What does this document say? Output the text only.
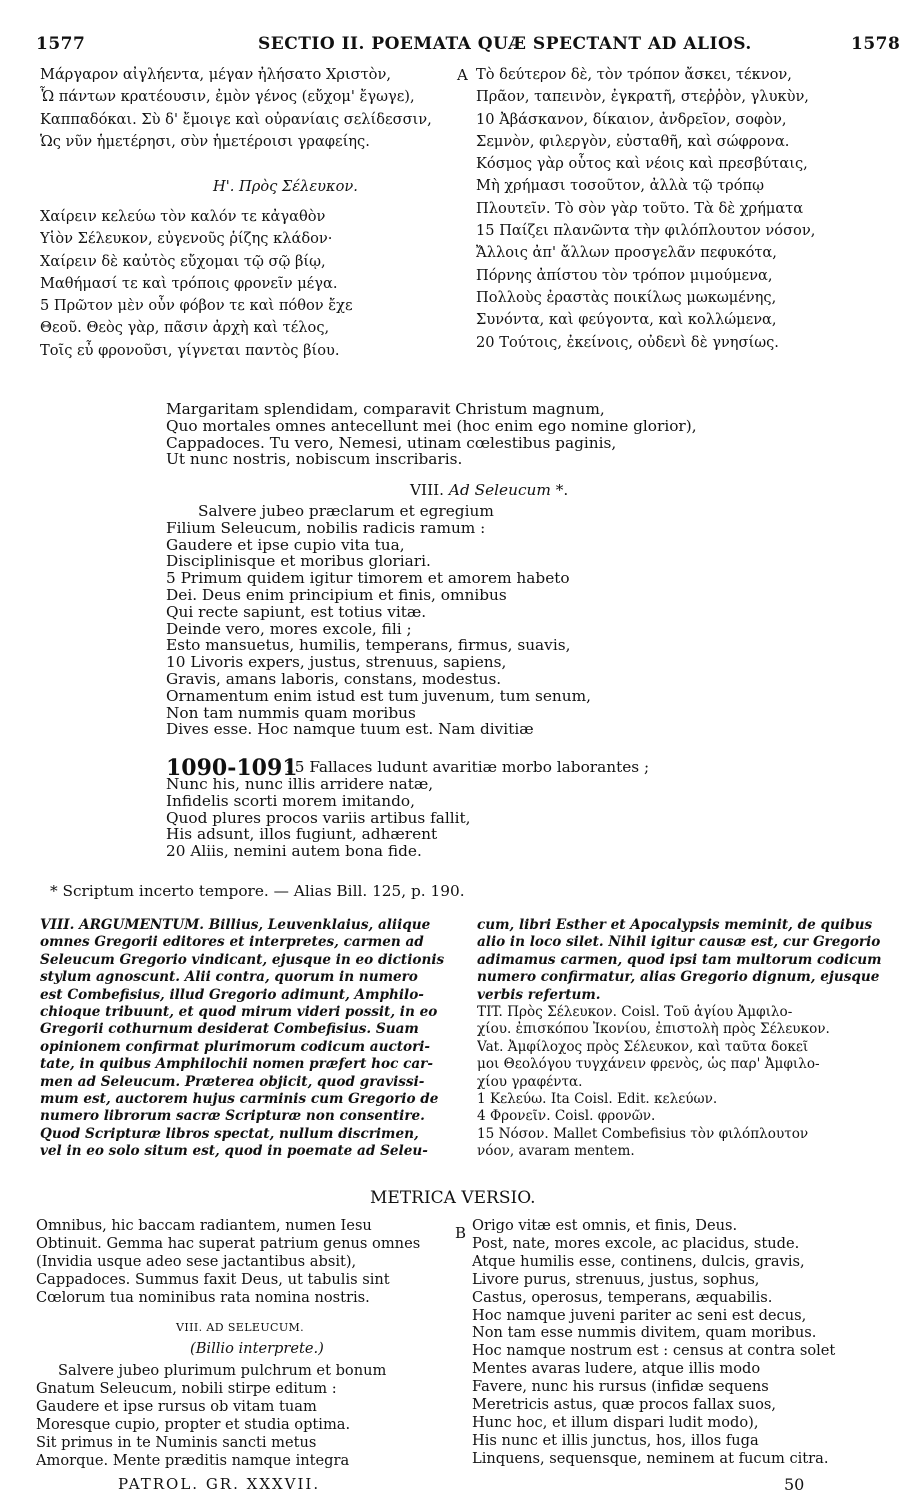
1577	SECTIO II. POEMATA QUÆ SPECTANT AD ALIOS.	1578
Μάργαρον αἰγλήεντα, μέγαν ἠλήσατο Χριστὸν,
Ὧ πάντων κρατέουσιν, ἐμὸν γένος (εὔχομ' ἔγωγε),
Καππαδόκαι. Σὺ δ' ἔμοιγε καὶ οὐρανίαις σελίδεσσιν,
Ὡς νῦν ἡμετέρησι, σὺν ἡμετέροισι γραφείης.
Η'. Πρὸς Σέλευκον.
Χαίρειν κελεύω τὸν καλόν τε κἀγαθὸν
Υἱὸν Σέλευκον, εὐγενοῦς ῥίζης κλάδον·
Χαίρειν δὲ καὐτὸς εὔχομαι τῷ σῷ βίῳ,
Μαθήμασί τε καὶ τρόποις φρονεῖν μέγα.
5 Πρῶτον μὲν οὖν φόβον τε καὶ πόθον ἔχε
Θεοῦ. Θεὸς γὰρ, πᾶσιν ἀρχὴ καὶ τέλος,
Τοῖς εὖ φρονοῦσι, γίγνεται παντὸς βίου.
A Τὸ δεύτερον δὲ, τὸν τρόπον ἄσκει, τέκνον,
Πρᾶον, ταπεινὸν, ἐγκρατῆ, στεῤῥὸν, γλυκὺν,
10 Ἀβάσκανον, δίκαιον, ἀνδρεῖον, σοφὸν,
Σεμνὸν, φιλεργὸν, εὐσταθῆ, καὶ σώφρονα.
Κόσμος γὰρ οὗτος καὶ νέοις καὶ πρεσβύταις,
Μὴ χρήμασι τοσοῦτον, ἀλλὰ τῷ τρόπῳ
Πλουτεῖν. Τὸ σὸν γὰρ τοῦτο. Τὰ δὲ χρήματα
15 Παίζει πλανῶντα τὴν φιλόπλουτον νόσον,
Ἄλλοις ἀπ' ἄλλων προσγελᾶν πεφυκότα,
Πόρνης ἀπίστου τὸν τρόπον μιμούμενα,
Πολλοὺς ἐραστὰς ποικίλως μωκωμένης,
Συνόντα, καὶ φεύγοντα, καὶ κολλώμενα,
20 Τούτοις, ἐκείνοις, οὐδενὶ δὲ γνησίως.
Margaritam splendidam, comparavit Christum magnum,
Quo mortales omnes antecellunt mei (hoc enim ego nomine glorior),
Cappadoces. Tu vero, Nemesi, utinam cœlestibus paginis,
Ut nunc nostris, nobiscum inscribaris.
VIII. Ad Seleucum *.
Salvere jubeo præclarum et egregium
Filium Seleucum, nobilis radicis ramum :
Gaudere et ipse cupio vita tua,
Disciplinisque et moribus gloriari.
5 Primum quidem igitur timorem et amorem habeto
Dei. Deus enim principium et finis, omnibus
Qui recte sapiunt, est totius vitæ.
Deinde vero, mores excole, fili ;
Esto mansuetus, humilis, temperans, firmus, suavis,
10 Livoris expers, justus, strenuus, sapiens,
Gravis, amans laboris, constans, modestus.
Ornamentum enim istud est tum juvenum, tum senum,
Non tam nummis quam moribus
Dives esse. Hoc namque tuum est. Nam divitiæ
1090-1091
15 Fallaces ludunt avaritiæ morbo laborantes ;
Nunc his, nunc illis arridere natæ,
Infidelis scorti morem imitando,
Quod plures procos variis artibus fallit,
His adsunt, illos fugiunt, adhærent
20 Aliis, nemini autem bona fide.
* Scriptum incerto tempore. — Alias Bill. 125, p. 190.
VIII. ARGUMENTUM. Billius, Leuvenklaius, aliique
omnes Gregorii editores et interpretes, carmen ad
Seleucum Gregorio vindicant, ejusque in eo dictionis
stylum agnoscunt. Alii contra, quorum in numero
est Combefisius, illud Gregorio adimunt, Amphilo-
chioque tribuunt, et quod mirum videri possit, in eo
Gregorii cothurnum desiderat Combefisius. Suam
opinionem confirmat plurimorum codicum auctori-
tate, in quibus Amphilochii nomen præfert hoc car-
men ad Seleucum. Præterea objicit, quod gravissi-
mum est, auctorem hujus carminis cum Gregorio de
numero librorum sacræ Scripturæ non consentire.
Quod Scripturæ libros spectat, nullum discrimen,
vel in eo solo situm est, quod in poemate ad Seleu-
cum, libri Esther et Apocalypsis meminit, de quibus
alio in loco silet. Nihil igitur causæ est, cur Gregorio
adimamus carmen, quod ipsi tam multorum codicum
numero confirmatur, alias Gregorio dignum, ejusque
verbis refertum.
TIT. Πρὸς Σέλευκον. Coisl. Τοῦ ἁγίου Ἀμφιλο-
χίου. ἐπισκόπου Ἰκονίου, ἐπιστολὴ πρὸς Σέλευκον.
Vat. Ἀμφίλοχος πρὸς Σέλευκον, καὶ ταῦτα δοκεῖ
μοι Θεολόγου τυγχάνειν φρενὸς, ὡς παρ' Ἀμφιλο-
χίου γραφέντα.
1 Κελεύω. Ita Coisl. Edit. κελεύων.
4 Φρονεῖν. Coisl. φρονῶν.
15 Νόσον. Mallet Combefisius τὸν φιλόπλουτον
νόον, avaram mentem.
METRICA VERSIO.
Omnibus, hic baccam radiantem, numen Iesu
Obtinuit. Gemma hac superat patrium genus omnes
(Invidia usque adeo sese jactantibus absit),
Cappadoces. Summus faxit Deus, ut tabulis sint
Cœlorum tua nominibus rata nomina nostris.
VIII. AD SELEUCUM.
(Billio interprete.)
Salvere jubeo plurimum pulchrum et bonum
Gnatum Seleucum, nobili stirpe editum :
Gaudere et ipse rursus ob vitam tuam
Moresque cupio, propter et studia optima.
Sit primus in te Numinis sancti metus
Amorque. Mente præditis namque integra
B Origo vitæ est omnis, et finis, Deus.
Post, nate, mores excole, ac placidus, stude.
Atque humilis esse, continens, dulcis, gravis,
Livore purus, strenuus, justus, sophus,
Castus, operosus, temperans, æquabilis.
Hoc namque juveni pariter ac seni est decus,
Non tam esse nummis divitem, quam moribus.
Hoc namque nostrum est : census at contra solet
Mentes avaras ludere, atque illis modo
Favere, nunc his rursus (infidæ sequens
Meretricis astus, quæ procos fallax suos,
Hunc hoc, et illum dispari ludit modo),
His nunc et illis junctus, hos, illos fuga
Linquens, sequensque, neminem at fucum citra.
PATROL. GR. XXXVII.	50
